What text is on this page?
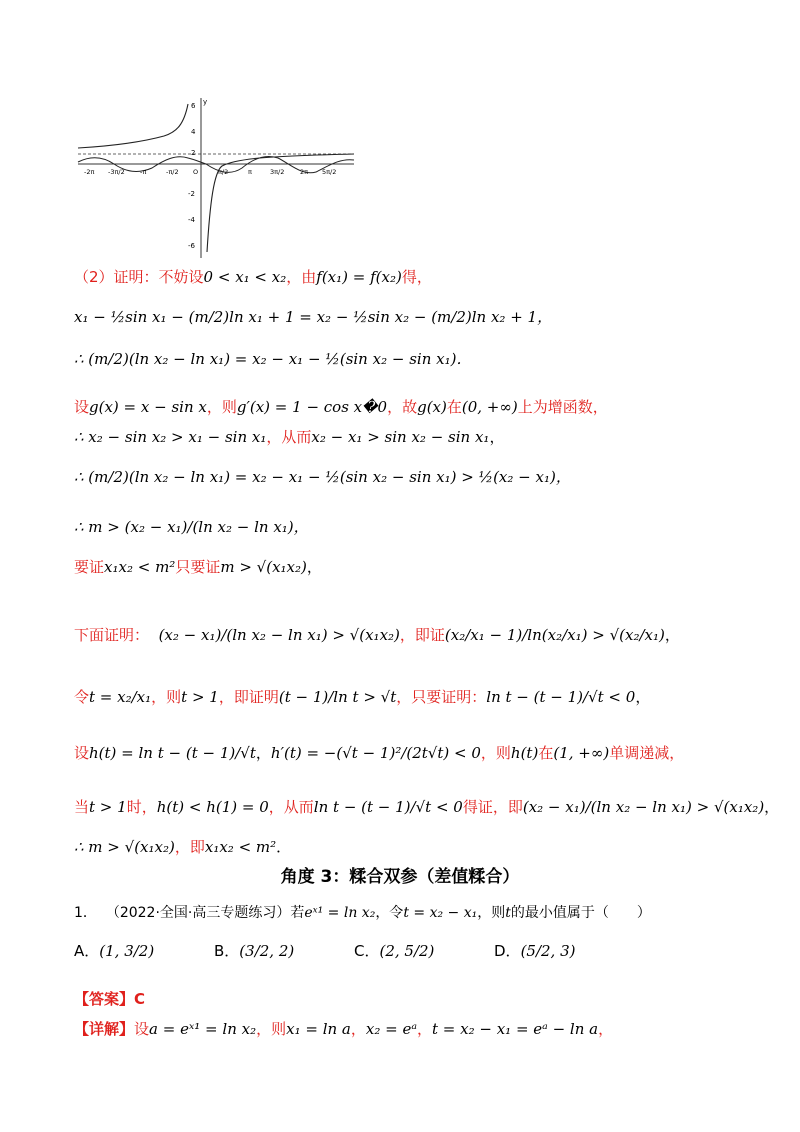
y
6
4
2
-2
-4
-6
-2π -3π/2 -π	-π/2 O	π/2	π	3π/2 2π 5π/2
（2）证明：不妨设0 < x₁ < x₂，由f(x₁) = f(x₂)得，
x₁ − ½sin x₁ − (m/2)ln x₁ + 1 = x₂ − ½sin x₂ − (m/2)ln x₂ + 1，
∴ (m/2)(ln x₂ − ln x₁) = x₂ − x₁ − ½(sin x₂ − sin x₁)．
设g(x) = x − sin x，则g′(x) = 1 − cos x�0，故g(x)在(0, +∞)上为增函数，
∴ x₂ − sin x₂ > x₁ − sin x₁，从而x₂ − x₁ > sin x₂ − sin x₁，
∴ (m/2)(ln x₂ − ln x₁) = x₂ − x₁ − ½(sin x₂ − sin x₁) > ½(x₂ − x₁)，
∴ m > (x₂ − x₁)/(ln x₂ − ln x₁)，
要证x₁x₂ < m²只要证m > √(x₁x₂)，
下面证明： (x₂ − x₁)/(ln x₂ − ln x₁) > √(x₁x₂)，即证(x₂/x₁ − 1)/ln(x₂/x₁) > √(x₂/x₁)，
令t = x₂/x₁，则t > 1，即证明(t − 1)/ln t > √t，只要证明：ln t − (t − 1)/√t < 0，
设h(t) = ln t − (t − 1)/√t，h′(t) = −(√t − 1)²/(2t√t) < 0，则h(t)在(1, +∞)单调递减，
当t > 1时，h(t) < h(1) = 0，从而ln t − (t − 1)/√t < 0得证，即(x₂ − x₁)/(ln x₂ − ln x₁) > √(x₁x₂)，
∴ m > √(x₁x₂)，即x₁x₂ < m²．
角度 3：糅合双参（差值糅合）
1． （2022·全国·高三专题练习）若eˣ¹ = ln x₂，令t = x₂ − x₁，则t的最小值属于（　　）
A．(1, 3/2)	B．(3/2, 2)	C．(2, 5/2)	D．(5/2, 3)
【答案】C
【详解】设a = eˣ¹ = ln x₂，则x₁ = ln a，x₂ = eᵃ，t = x₂ − x₁ = eᵃ − ln a，
